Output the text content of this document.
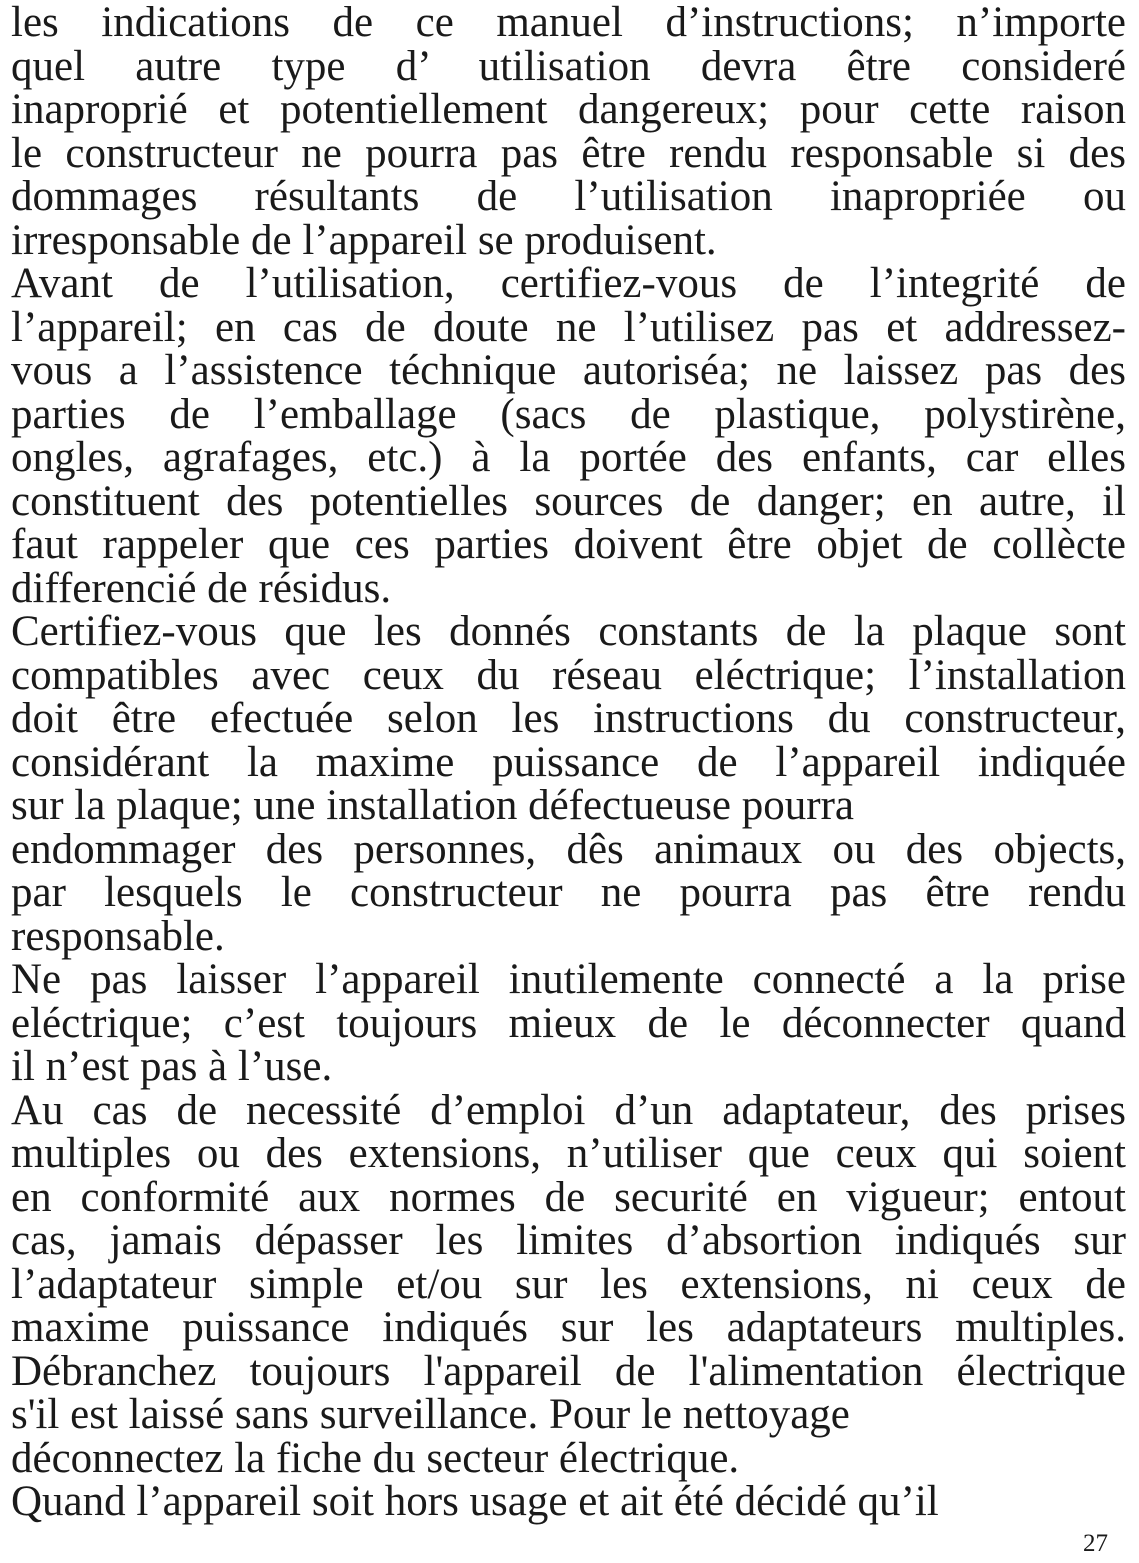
les indications de ce manuel d’instructions; n’importe
quel autre type d’ utilisation devra être consideré
inaproprié et potentiellement dangereux; pour cette raison
le constructeur ne pourra pas être rendu responsable si des
dommages résultants de l’utilisation inapropriée ou
irresponsable de l’appareil se produisent.
Avant de l’utilisation, certifiez-vous de l’integrité de
l’appareil; en cas de doute ne l’utilisez pas et addressez-
vous a l’assistence téchnique autoriséa; ne laissez pas des
parties de l’emballage (sacs de plastique, polystirène,
ongles, agrafages, etc.) à la portée des enfants, car elles
constituent des potentielles sources de danger; en autre, il
faut rappeler que ces parties doivent être objet de collècte
differencié de résidus.
Certifiez-vous que les donnés constants de la plaque sont
compatibles avec ceux du réseau eléctrique; l’installation
doit être efectuée selon les instructions du constructeur,
considérant la maxime puissance de l’appareil indiquée
sur la plaque; une installation défectueuse pourra
endommager des personnes, dês animaux ou des objects,
par lesquels le constructeur ne pourra pas être rendu
responsable.
Ne pas laisser l’appareil inutilemente connecté a la prise
eléctrique; c’est toujours mieux de le déconnecter quand
il n’est pas à l’use.
Au cas de necessité d’emploi d’un adaptateur, des prises
multiples ou des extensions, n’utiliser que ceux qui soient
en conformité aux normes de securité en vigueur; entout
cas, jamais dépasser les limites d’absortion indiqués sur
l’adaptateur simple et/ou sur les extensions, ni ceux de
maxime puissance indiqués sur les adaptateurs multiples.
Débranchez toujours l'appareil de l'alimentation électrique
s'il est laissé sans surveillance. Pour le nettoyage
déconnectez la fiche du secteur électrique.
Quand l’appareil soit hors usage et ait été décidé qu’il
27
